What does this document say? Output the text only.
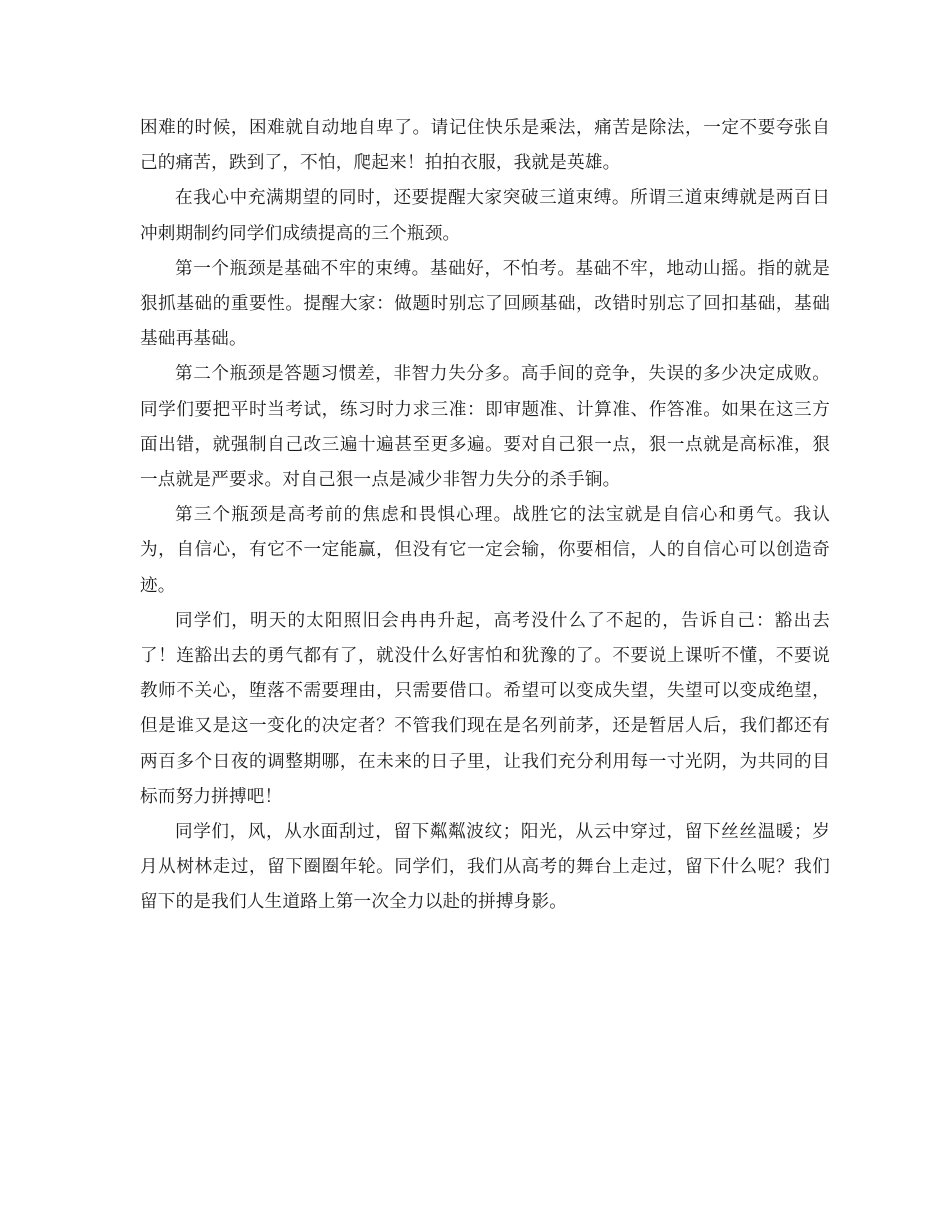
困难的时候，困难就自动地自卑了。请记住快乐是乘法，痛苦是除法，一定不要夸张自己的痛苦，跌到了，不怕，爬起来！拍拍衣服，我就是英雄。

在我心中充满期望的同时，还要提醒大家突破三道束缚。所谓三道束缚就是两百日冲刺期制约同学们成绩提高的三个瓶颈。

第一个瓶颈是基础不牢的束缚。基础好，不怕考。基础不牢，地动山摇。指的就是狠抓基础的重要性。提醒大家：做题时别忘了回顾基础，改错时别忘了回扣基础，基础基础再基础。

第二个瓶颈是答题习惯差，非智力失分多。高手间的竞争，失误的多少决定成败。同学们要把平时当考试，练习时力求三准：即审题准、计算准、作答准。如果在这三方面出错，就强制自己改三遍十遍甚至更多遍。要对自己狠一点，狠一点就是高标准，狠一点就是严要求。对自己狠一点是减少非智力失分的杀手锏。

第三个瓶颈是高考前的焦虑和畏惧心理。战胜它的法宝就是自信心和勇气。我认为，自信心，有它不一定能赢，但没有它一定会输，你要相信，人的自信心可以创造奇迹。

同学们，明天的太阳照旧会冉冉升起，高考没什么了不起的，告诉自己：豁出去了！连豁出去的勇气都有了，就没什么好害怕和犹豫的了。不要说上课听不懂，不要说教师不关心，堕落不需要理由，只需要借口。希望可以变成失望，失望可以变成绝望，但是谁又是这一变化的决定者？不管我们现在是名列前茅，还是暂居人后，我们都还有两百多个日夜的调整期哪，在未来的日子里，让我们充分利用每一寸光阴，为共同的目标而努力拼搏吧！

同学们，风，从水面刮过，留下粼粼波纹；阳光，从云中穿过，留下丝丝温暖；岁月从树林走过，留下圈圈年轮。同学们，我们从高考的舞台上走过，留下什么呢？我们留下的是我们人生道路上第一次全力以赴的拼搏身影。
